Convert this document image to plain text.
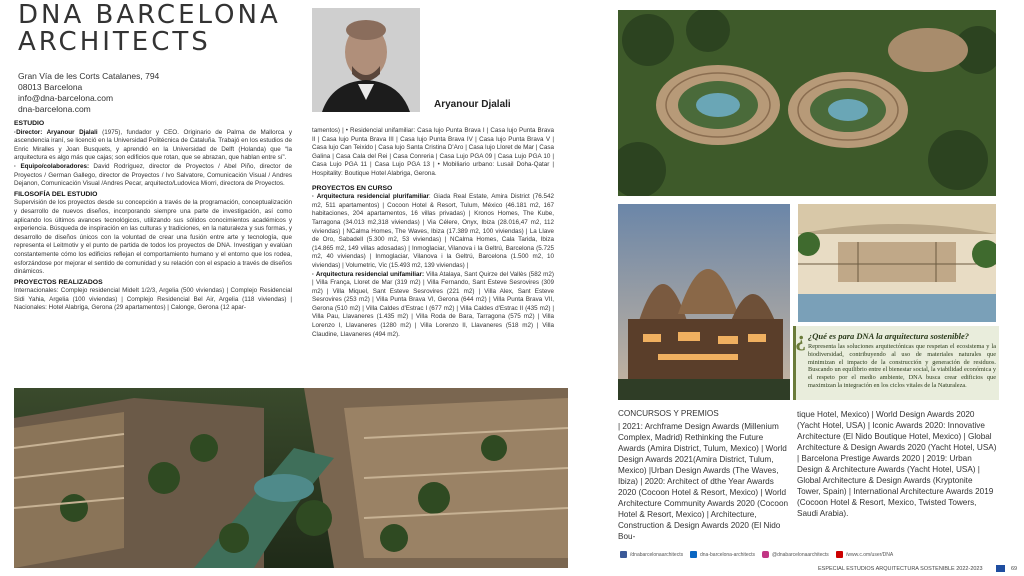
DNA BARCELONA
ARCHITECTS
Gran Vía de les Corts Catalanes, 794
08013 Barcelona
info@dna-barcelona.com
dna-barcelona.com	Aryanour Djalali
ESTUDIO

·Director: Aryanour Djalali (1975), fundador y CEO. Originario de Palma de Mallorca y ascendencia iraní, se licenció en la Universidad Politécnica de Cataluña. Trabajó en los estudios de Enric Miralles y Joan Busquets, y aprendió en la Universidad de Delft (Holanda) que “la arquitectura es algo más que cajas; son edificios que rotan, que se abrazan, que hablan entre sí”.

· Equipo/colaboradores: David Rodríguez, director de Proyectos / Abel Piño, director de Proyectos / German Gallego, director de Proyectos / Ivo Salvatore, Comunicación Visual / Andres Dejanon, Comunicación Visual /Andres Pecar, arquitecto/Ludovica Miorri, directora de Proyectos.

FILOSOFÍA DEL ESTUDIO

Supervisión de los proyectos desde su concepción a través de la programación, conceptualización y desarrollo de nuevos diseños, incorporando siempre una parte de investigación, así como aplicando los últimos avances tecnológicos, utilizando sus sólidos conocimientos académicos y experiencia. Búsqueda de inspiración en las culturas y tradiciones, en la naturaleza y sus formas, y desarrollo de diseños únicos con la voluntad de crear una fusión entre arte y tecnología, que representa el Leitmotiv y el punto de partida de todos los proyectos de DNA. Investigan y evalúan constantemente cómo los edificios reflejan el comportamiento humano y el entorno que los rodea, esforzándose por mejorar el sentido de comunidad y su relación con el espacio a través de diseños dinámicos.

PROYECTOS REALIZADOS

Internacionales: Complejo residencial Midelt 1/2/3, Argelia (500 viviendas) | Complejo Residencial Sidi Yahia, Argelia (100 viviendas) | Complejo Residencial Bel Air, Argelia (118 viviendas) | Nacionales: Hotel Alabriga, Gerona (29 apartamentos) | Calonge, Gerona (12 apar-

tamentos) | • Residencial unifamiliar: Casa lujo Punta Brava I | Casa lujo Punta Brava II | Casa lujo Punta Brava III | Casa lujo Punta Brava IV | Casa lujo Punta Brava V | Casa lujo Can Teixido | Casa lujo Santa Cristina D'Aro | Casa lujo Lloret de Mar | Casa Galina | Casa Cala del Rei | Casa Conreria | Casa Lujo PGA 09 | Casa Lujo PGA 10 | Casa Lujo PGA 11 | Casa Lujo PGA 13 | • Mobiliario urbano: Lusail Doha-Qatar | Hospitality: Boutique Hotel Alabriga, Gerona.

PROYECTOS EN CURSO

· Arquitectura residencial plurifamiliar: Giada Real Estate, Amira District (76.542 m2, 511 apartamentos) | Cocoon Hotel & Resort, Tulum, México (46.181 m2, 167 habitaciones, 204 apartamentos, 16 villas privadas) | Kronos Homes, The Kube, Tarragona (34.013 m2,318 viviendas) | Via Célere, Onyx, Ibiza (28.016,47 m2, 112 viviendas) | NCalma Homes, The Waves, Ibiza (17.389 m2, 100 viviendas) | La Llave de Oro, Sabadell (5.300 m2, 53 viviendas) | NCalma Homes, Cala Tarida, Ibiza (14.865 m2, 149 villas adosadas) | Inmoglaciar, Vilanova i la Geltrú, Barcelona (5.725 m2, 40 viviendas) | Inmoglaciar, Vilanova i la Geltrú, Barcelona (1.500 m2, 10 viviendas) | Volumetric, Vic (15.493 m2, 139 viviendas) |

· Arquitectura residencial unifamiliar: Villa Atalaya, Sant Quirze del Vallès (582 m2) | Villa França, Lloret de Mar (319 m2) | Villa Fernando, Sant Esteve Sesrovires (309 m2) | Villa Miquel, Sant Esteve Sesrovires (221 m2) | Villa Alex, Sant Esteve Sesrovires (253 m2) | Villa Punta Brava VI, Gerona (644 m2) | Villa Punta Brava VII, Gerona (510 m2) | Villa Caldes d'Estrac I (677 m2) | Villa Caldes d'Estrac II (435 m2) | Villa Pau, Llavaneres (1.435 m2) | Villa Roda de Bara, Tarragona (575 m2) | Villa Lorenzo I, Llavaneres (1280 m2) | Villa Lorenzo II, Llavaneres (518 m2) | Villa Claudine, Llavaneres (494 m2).	¿ ¿Qué es para DNA la arquitectura sostenible?
Representa las soluciones arquitectónicas que respetan el ecosistema y la biodiversidad, contribuyendo al uso de materiales naturales que minimizan el impacto de la construcción y generación de residuos. Buscando un equilibrio entre el bienestar social, la viabilidad económica y el respeto por el medio ambiente, DNA busca crear edificios que maximizan la integración en los ciclos vitales de la Naturaleza.
CONCURSOS Y PREMIOS
| 2021: Archframe Design Awards (Millenium Complex, Madrid) Rethinking the Future Awards (Amira District, Tulum, Mexico) | World Design Awards 2021(Amira District, Tulum, Mexico) |Urban Design Awards (The Waves, Ibiza) | 2020: Architect of dthe Year Awards 2020 (Cocoon Hotel & Resort, Mexico) | World Architecture Community Awards 2020 (Cocoon Hotel & Resort, Mexico) | Architecture, Construction & Design Awards 2020 (El Nido Bou-
tique Hotel, Mexico) | World Design Awards 2020 (Yacht Hotel, USA) | Iconic Awards 2020: Innovative Architecture (El Nido Boutique Hotel, Mexico) | Global Architecture & Design Awards 2020 (Yacht Hotel, USA) | Barcelona Prestige Awards 2020 | 2019: Urban Design & Architecture Awards (Yacht Hotel, USA) | Global Architecture & Design Awards (Kryptonite Tower, Spain) | International Architecture Awards 2019 (Cocoon Hotel & Resort, Mexico, Twisted Towers, Saudi Arabia).
/dnabarcelonaarchitects	dna-barcelona-architects	@dnabarcelonaarchitects	/www.c.om/user/DNA
ESPECIAL ESTUDIOS ARQUITECTURA SOSTENIBLE 2022-2023	69
